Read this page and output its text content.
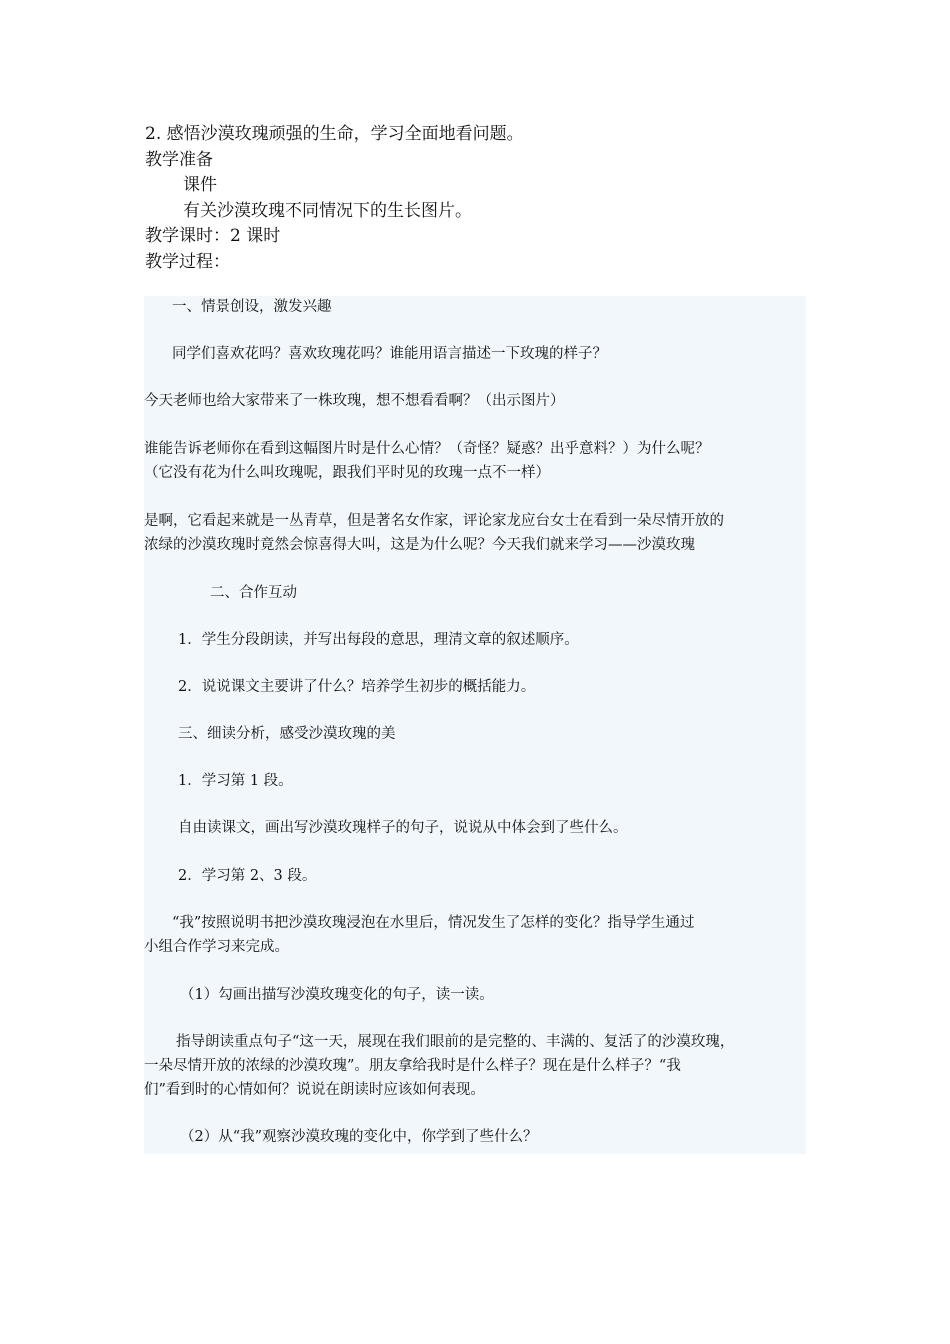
2. 感悟沙漠玫瑰顽强的生命，学习全面地看问题。
教学准备
课件
有关沙漠玫瑰不同情况下的生长图片。
教学课时：2 课时
教学过程：

一、情景创设，激发兴趣

同学们喜欢花吗？喜欢玫瑰花吗？谁能用语言描述一下玫瑰的样子？

今天老师也给大家带来了一株玫瑰，想不想看看啊？（出示图片）

谁能告诉老师你在看到这幅图片时是什么心情？（奇怪？疑惑？出乎意料？）为什么呢？

（它没有花为什么叫玫瑰呢，跟我们平时见的玫瑰一点不一样）

是啊，它看起来就是一丛青草，但是著名女作家，评论家龙应台女士在看到一朵尽情开放的

浓绿的沙漠玫瑰时竟然会惊喜得大叫，这是为什么呢？今天我们就来学习——沙漠玫瑰

二、合作互动

1．学生分段朗读，并写出每段的意思，理清文章的叙述顺序。

2．说说课文主要讲了什么？培养学生初步的概括能力。

三、细读分析，感受沙漠玫瑰的美

1．学习第 1 段。

自由读课文，画出写沙漠玫瑰样子的句子，说说从中体会到了些什么。

2．学习第 2、3 段。

“我”按照说明书把沙漠玫瑰浸泡在水里后，情况发生了怎样的变化？指导学生通过

小组合作学习来完成。

（1）勾画出描写沙漠玫瑰变化的句子，读一读。

指导朗读重点句子“这一天，展现在我们眼前的是完整的、丰满的、复活了的沙漠玫瑰，

一朵尽情开放的浓绿的沙漠玫瑰”。朋友拿给我时是什么样子？现在是什么样子？“我

们”看到时的心情如何？说说在朗读时应该如何表现。

（2）从“我”观察沙漠玫瑰的变化中，你学到了些什么？
